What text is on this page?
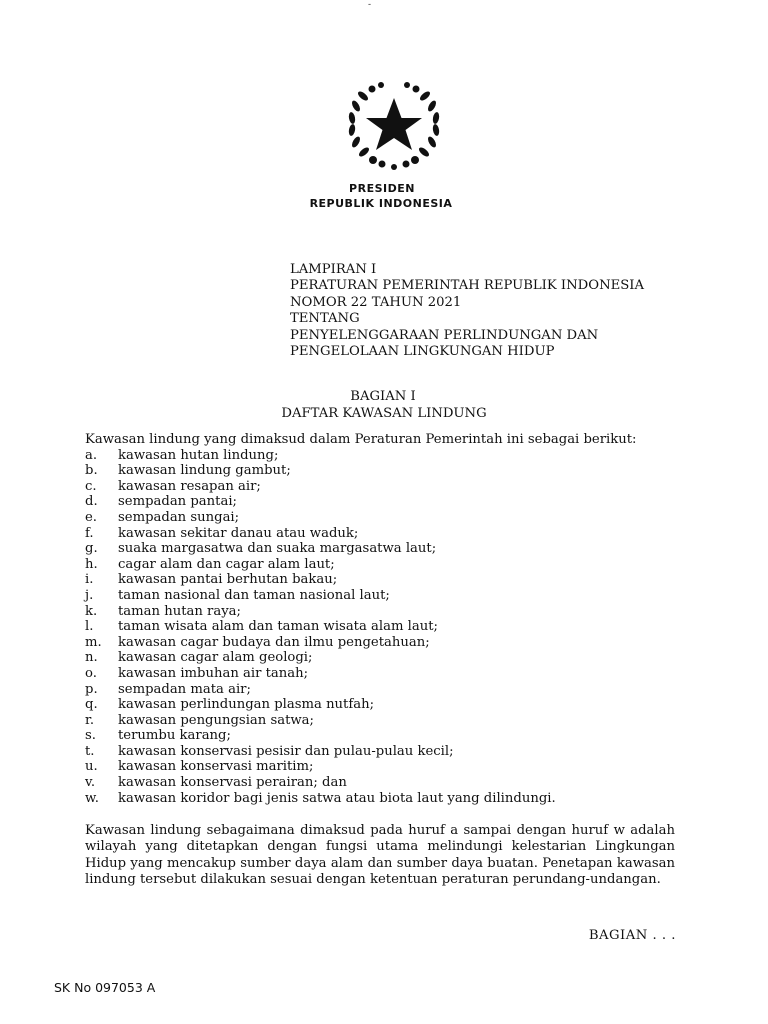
-
PRESIDEN
REPUBLIK INDONESIA
LAMPIRAN I
PERATURAN PEMERINTAH REPUBLIK INDONESIA
NOMOR 22 TAHUN 2021
TENTANG
PENYELENGGARAAN PERLINDUNGAN DAN
PENGELOLAAN LINGKUNGAN HIDUP
BAGIAN I
DAFTAR KAWASAN LINDUNG
Kawasan lindung yang dimaksud dalam Peraturan Pemerintah ini sebagai berikut:
a.	kawasan hutan lindung;
b.	kawasan lindung gambut;
c.	kawasan resapan air;
d.	sempadan pantai;
e.	sempadan sungai;
f.	kawasan sekitar danau atau waduk;
g.	suaka margasatwa dan suaka margasatwa laut;
h.	cagar alam dan cagar alam laut;
i.	kawasan pantai berhutan bakau;
j.	taman nasional dan taman nasional laut;
k.	taman hutan raya;
l.	taman wisata alam dan taman wisata alam laut;
m.	kawasan cagar budaya dan ilmu pengetahuan;
n.	kawasan cagar alam geologi;
o.	kawasan imbuhan air tanah;
p.	sempadan mata air;
q.	kawasan perlindungan plasma nutfah;
r.	kawasan pengungsian satwa;
s.	terumbu karang;
t.	kawasan konservasi pesisir dan pulau-pulau kecil;
u.	kawasan konservasi maritim;
v.	kawasan konservasi perairan; dan
w.	kawasan koridor bagi jenis satwa atau biota laut yang dilindungi.
Kawasan lindung sebagaimana dimaksud pada huruf a sampai dengan huruf w adalah wilayah yang ditetapkan dengan fungsi utama melindungi kelestarian Lingkungan Hidup yang mencakup sumber daya alam dan sumber daya buatan. Penetapan kawasan lindung tersebut dilakukan sesuai dengan ketentuan peraturan perundang-undangan.
BAGIAN . . .
SK No 097053 A
